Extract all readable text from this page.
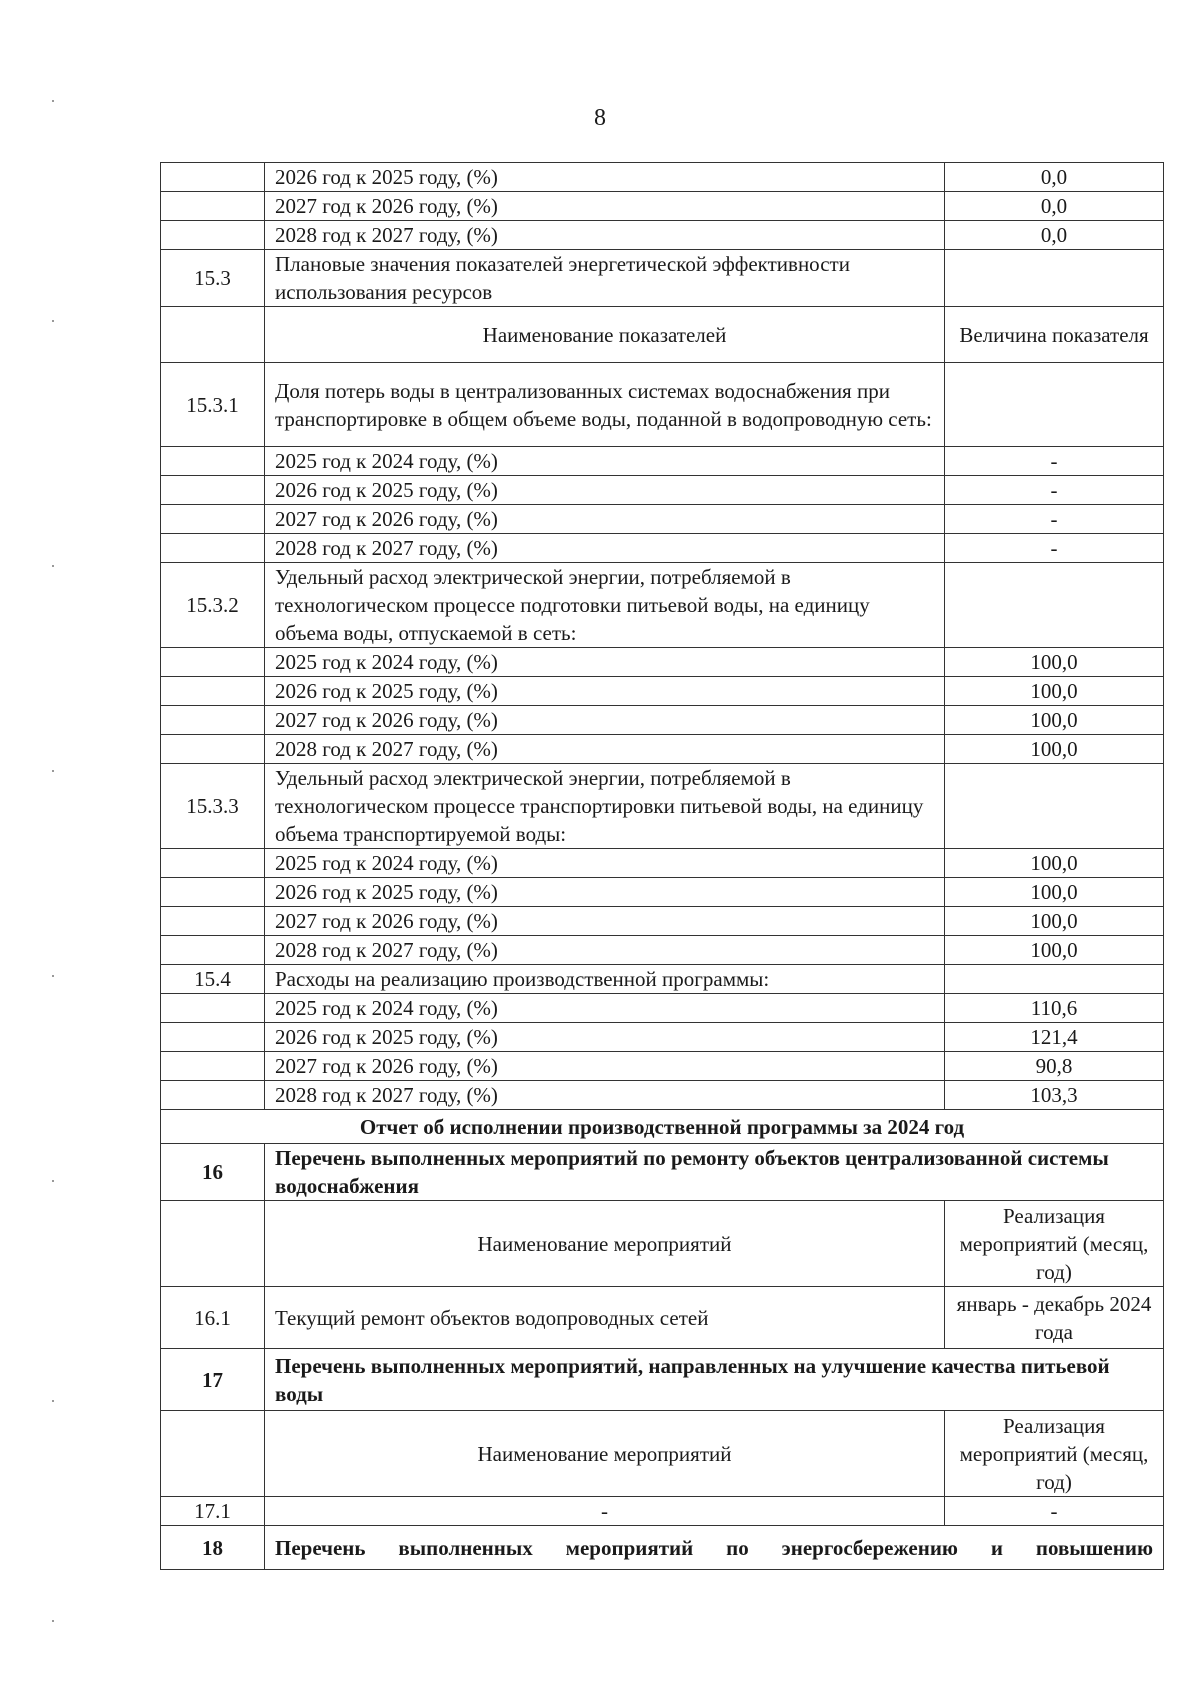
8
	2026 год к 2025 году, (%)	0,0
	2027 год к 2026 году, (%)	0,0
	2028 год к 2027 году, (%)	0,0
15.3	Плановые значения показателей энергетической эффективности использования ресурсов	
	Наименование показателей	Величина показателя
15.3.1	Доля потерь воды в централизованных системах водоснабжения при транспортировке в общем объеме воды, поданной в водопроводную сеть:	
	2025 год к 2024 году, (%)	-
	2026 год к 2025 году, (%)	-
	2027 год к 2026 году, (%)	-
	2028 год к 2027 году, (%)	-
15.3.2	Удельный расход электрической энергии, потребляемой в технологическом процессе подготовки питьевой воды, на единицу объема воды, отпускаемой в сеть:	
	2025 год к 2024 году, (%)	100,0
	2026 год к 2025 году, (%)	100,0
	2027 год к 2026 году, (%)	100,0
	2028 год к 2027 году, (%)	100,0
15.3.3	Удельный расход электрической энергии, потребляемой в технологическом процессе транспортировки питьевой воды, на единицу объема транспортируемой воды:	
	2025 год к 2024 году, (%)	100,0
	2026 год к 2025 году, (%)	100,0
	2027 год к 2026 году, (%)	100,0
	2028 год к 2027 году, (%)	100,0
15.4	Расходы на реализацию производственной программы:	
	2025 год к 2024 году, (%)	110,6
	2026 год к 2025 году, (%)	121,4
	2027 год к 2026 году, (%)	90,8
	2028 год к 2027 году, (%)	103,3
Отчет об исполнении производственной программы за 2024 год		
16	Перечень выполненных мероприятий по ремонту объектов централизованной системы водоснабжения	
	Наименование мероприятий	Реализация мероприятий (месяц, год)
16.1	Текущий ремонт объектов водопроводных сетей	январь - декабрь 2024 года
17	Перечень выполненных мероприятий, направленных на улучшение качества питьевой воды	
	Наименование мероприятий	Реализация мероприятий (месяц, год)
17.1	-	-
18	Перечень выполненных мероприятий по энергосбережению и повышению	
